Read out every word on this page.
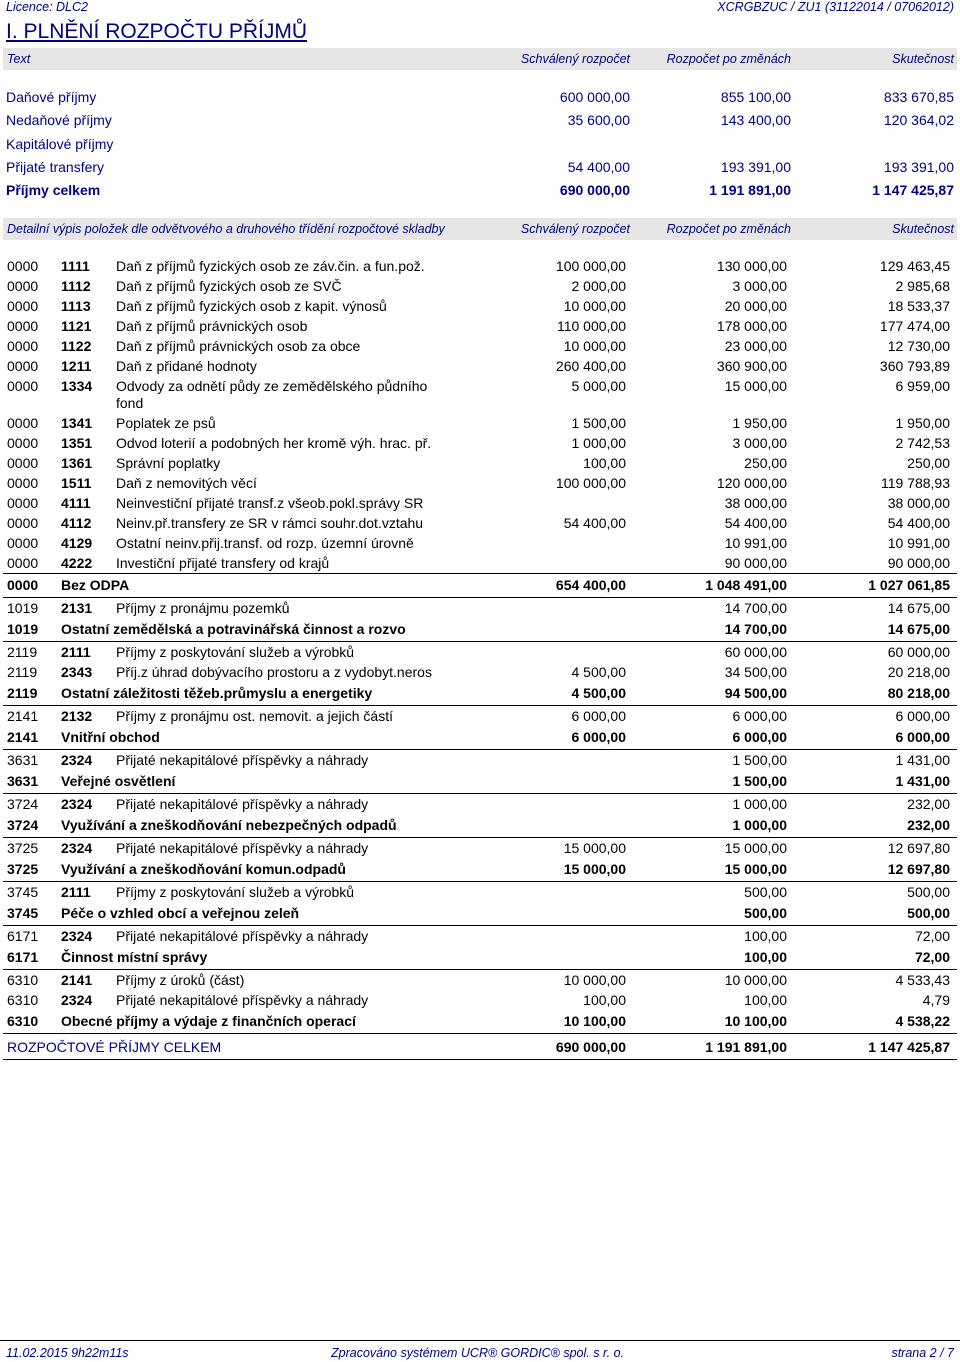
Licence: DLC2	XCRGBZUC / ZU1 (31122014 / 07062012)
I. PLNĚNÍ ROZPOČTU PŘÍJMŮ
Text	Schválený rozpočet	Rozpočet po změnách	Skutečnost
Daňové příjmy	600 000,00	855 100,00	833 670,85
Nedaňové příjmy	35 600,00	143 400,00	120 364,02
Kapitálové příjmy
Přijaté transfery	54 400,00	193 391,00	193 391,00
Příjmy celkem	690 000,00	1 191 891,00	1 147 425,87
Detailní výpis položek dle odvětvového a druhového třídění rozpočtové skladby	Schválený rozpočet	Rozpočet po změnách	Skutečnost
0000	1111	Daň z příjmů fyzických osob ze záv.čin. a fun.pož.	100 000,00	130 000,00	129 463,45
0000	1112	Daň z příjmů fyzických osob ze SVČ	2 000,00	3 000,00	2 985,68
0000	1113	Daň z příjmů fyzických osob z kapit. výnosů	10 000,00	20 000,00	18 533,37
0000	1121	Daň z příjmů právnických osob	110 000,00	178 000,00	177 474,00
0000	1122	Daň z příjmů právnických osob za obce	10 000,00	23 000,00	12 730,00
0000	1211	Daň z přidané hodnoty	260 400,00	360 900,00	360 793,89
0000	1334	Odvody za odnětí půdy ze zemědělského půdního fond	5 000,00	15 000,00	6 959,00
0000	1341	Poplatek ze psů	1 500,00	1 950,00	1 950,00
0000	1351	Odvod loterií a podobných her kromě výh. hrac. př.	1 000,00	3 000,00	2 742,53
0000	1361	Správní poplatky	100,00	250,00	250,00
0000	1511	Daň z nemovitých věcí	100 000,00	120 000,00	119 788,93
0000	4111	Neinvestiční přijaté transf.z všeob.pokl.správy SR		38 000,00	38 000,00
0000	4112	Neinv.př.transfery ze SR v rámci souhr.dot.vztahu	54 400,00	54 400,00	54 400,00
0000	4129	Ostatní neinv.přij.transf. od rozp. územní úrovně		10 991,00	10 991,00
0000	4222	Investiční přijaté transfery od krajů		90 000,00	90 000,00
0000	Bez ODPA		654 400,00	1 048 491,00	1 027 061,85
1019	2131	Příjmy z pronájmu pozemků		14 700,00	14 675,00
1019	Ostatní zemědělská a potravinářská činnost a rozvo			14 700,00	14 675,00
2119	2111	Příjmy z poskytování služeb a výrobků		60 000,00	60 000,00
2119	2343	Příj.z úhrad dobývacího prostoru a z vydobyt.neros	4 500,00	34 500,00	20 218,00
2119	Ostatní záležitosti těžeb.průmyslu a energetiky		4 500,00	94 500,00	80 218,00
2141	2132	Příjmy z pronájmu ost. nemovit. a jejich částí	6 000,00	6 000,00	6 000,00
2141	Vnitřní obchod		6 000,00	6 000,00	6 000,00
3631	2324	Přijaté nekapitálové příspěvky a náhrady		1 500,00	1 431,00
3631	Veřejné osvětlení			1 500,00	1 431,00
3724	2324	Přijaté nekapitálové příspěvky a náhrady		1 000,00	232,00
3724	Využívání a zneškodňování nebezpečných odpadů			1 000,00	232,00
3725	2324	Přijaté nekapitálové příspěvky a náhrady	15 000,00	15 000,00	12 697,80
3725	Využívání a zneškodňování komun.odpadů		15 000,00	15 000,00	12 697,80
3745	2111	Příjmy z poskytování služeb a výrobků		500,00	500,00
3745	Péče o vzhled obcí a veřejnou zeleň			500,00	500,00
6171	2324	Přijaté nekapitálové příspěvky a náhrady		100,00	72,00
6171	Činnost místní správy			100,00	72,00
6310	2141	Příjmy z úroků (část)	10 000,00	10 000,00	4 533,43
6310	2324	Přijaté nekapitálové příspěvky a náhrady	100,00	100,00	4,79
6310	Obecné příjmy a výdaje z finančních operací		10 100,00	10 100,00	4 538,22
ROZPOČTOVÉ PŘÍJMY CELKEM			690 000,00	1 191 891,00	1 147 425,87
11.02.2015 9h22m11s	Zpracováno systémem UCR® GORDIC® spol. s r. o.	strana 2 / 7
